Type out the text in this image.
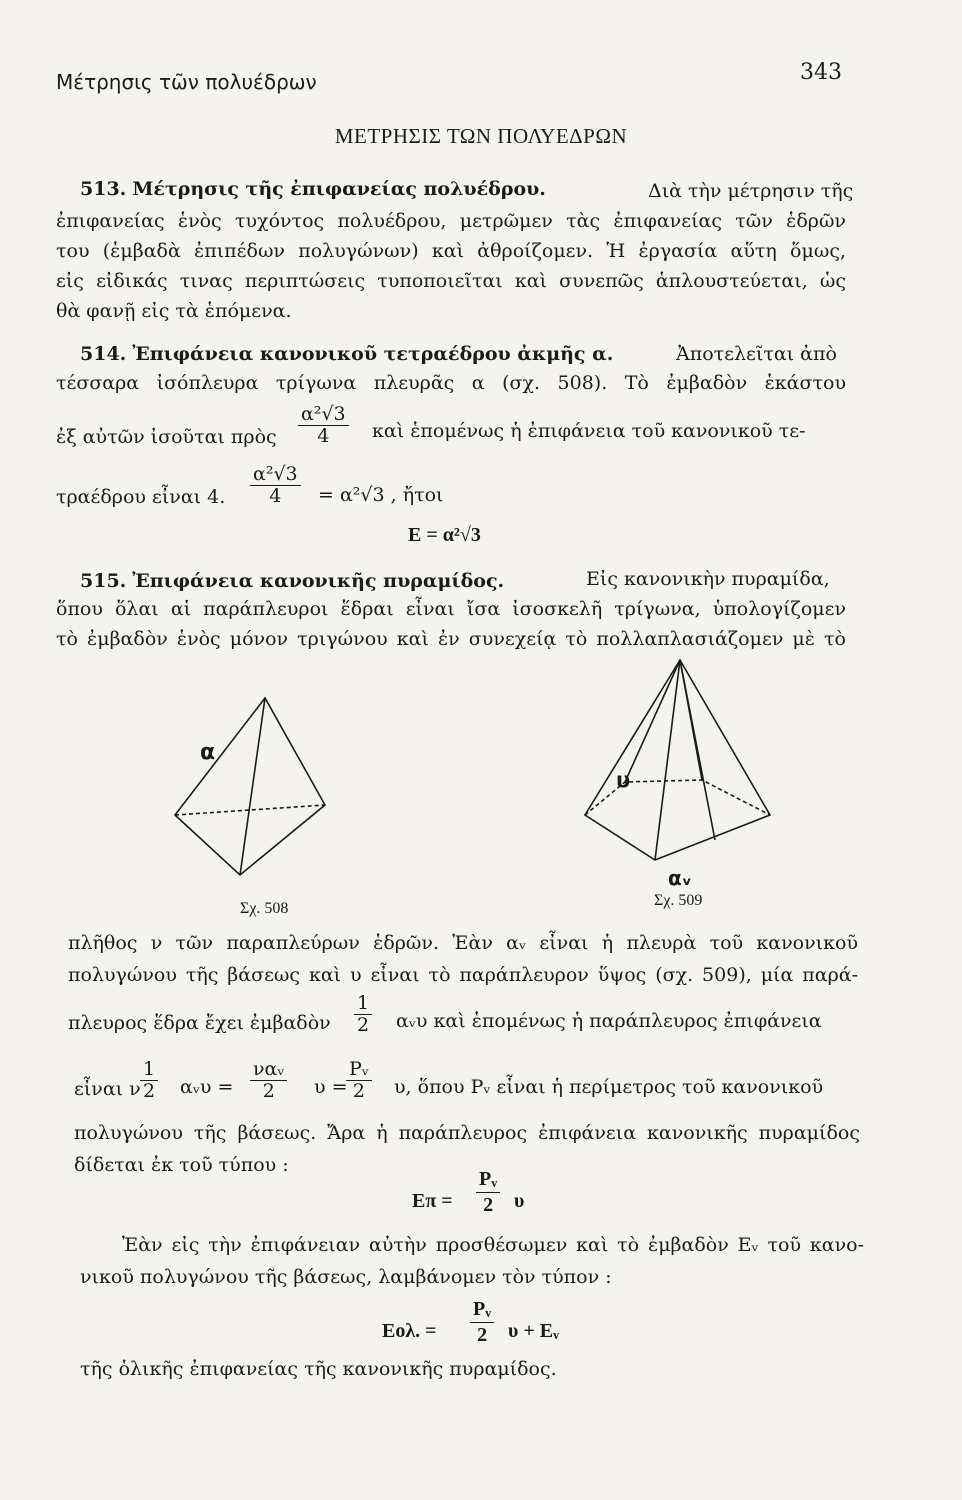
Μέτρησις τῶν πολυέδρων	343
ΜΕΤΡΗΣΙΣ ΤΩΝ ΠΟΛΥΕΔΡΩΝ
513. Μέτρησις τῆς ἐπιφανείας πολυέδρου.	Διὰ τὴν μέτρησιν τῆς
ἐπιφανείας ἑνὸς τυχόντος πολυέδρου, μετρῶμεν τὰς ἐπιφανείας τῶν ἑδρῶν
του (ἐμβαδὰ ἐπιπέδων πολυγώνων) καὶ ἀθροίζομεν. Ἡ ἐργασία αὕτη ὅμως,
εἰς εἰδικάς τινας περιπτώσεις τυποποιεῖται καὶ συνεπῶς ἁπλουστεύεται, ὡς
θὰ φανῇ εἰς τὰ ἑπόμενα.
514. Ἐπιφάνεια κανονικοῦ τετραέδρου ἀκμῆς α.	Ἀποτελεῖται ἀπὸ
τέσσαρα ἰσόπλευρα τρίγωνα πλευρᾶς α (σχ. 508). Τὸ ἐμβαδὸν ἑκάστου
ἐξ αὐτῶν ἰσοῦται πρὸς $\frac{\text{α²√3}}{4}$ καὶ ἑπομένως ἡ ἐπιφάνεια τοῦ κανονικοῦ τε-
τραέδρου εἶναι 4. $\frac{\text{α²√3}}{4} = \alpha^2√3$ , ἤτοι
E = α²√3
515. Ἐπιφάνεια κανονικῆς πυραμίδος.	Εἰς κανονικὴν πυραμίδα,
ὅπου ὅλαι αἱ παράπλευροι ἕδραι εἶναι ἴσα ἰσοσκελῆ τρίγωνα, ὑπολογίζομεν
τὸ ἐμβαδὸν ἑνὸς μόνον τριγώνου καὶ ἐν συνεχείᾳ τὸ πολλαπλασιάζομεν μὲ τὸ
α
Σχ. 508
υ
αᵥ
Σχ. 509
πλῆθος ν τῶν παραπλεύρων ἑδρῶν. Ἐὰν αᵥ εἶναι ἡ πλευρὰ τοῦ κανονικοῦ
πολυγώνου τῆς βάσεως καὶ υ εἶναι τὸ παράπλευρον ὕψος (σχ. 509), μία παρά-
πλευρος ἕδρα ἔχει ἐμβαδὸν $\frac{1}{2}$ αᵥυ καὶ ἑπομένως ἡ παράπλευρος ἐπιφάνεια
εἶναι ν $\frac{1}{2}$ αᵥυ = $\frac{\text{ναᵥ}}{2}$ υ =
$\frac{\text{Pᵥ}}{2} \upsilon$, ὅπου Pᵥ εἶναι ἡ περίμετρος τοῦ κανονικοῦ
πολυγώνου τῆς βάσεως. Ἄρα ἡ παράπλευρος ἐπιφάνεια κανονικῆς πυραμίδος
δίδεται ἐκ τοῦ τύπου :
$E\pi = \frac{\text{Pᵥ}}{2}$ υ
Ἐὰν εἰς τὴν ἐπιφάνειαν αὐτὴν προσθέσωμεν καὶ τὸ ἐμβαδὸν Eᵥ τοῦ κανο-
νικοῦ πολυγώνου τῆς βάσεως, λαμβάνομεν τὸν τύπον :
Eολ. = $\frac{\text{Pᵥ}}{2}$ υ + Eᵥ
τῆς ὁλικῆς ἐπιφανείας τῆς κανονικῆς πυραμίδος.
